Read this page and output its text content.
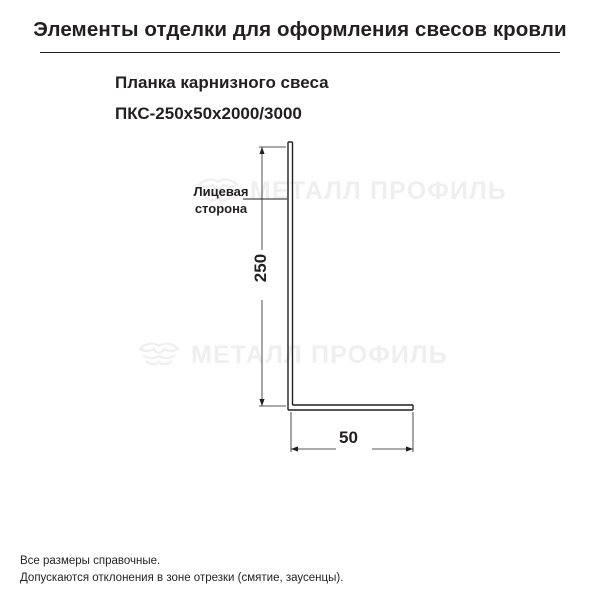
Элементы отделки для оформления свесов кровли
Планка карнизного свеса
ПКС-250х50х2000/3000
МЕТАЛЛ ПРОФИЛЬ
МЕТАЛЛ ПРОФИЛЬ
Лицевая
сторона
250
50
Все размеры справочные.
Допускаются отклонения в зоне отрезки (смятие, заусенцы).
